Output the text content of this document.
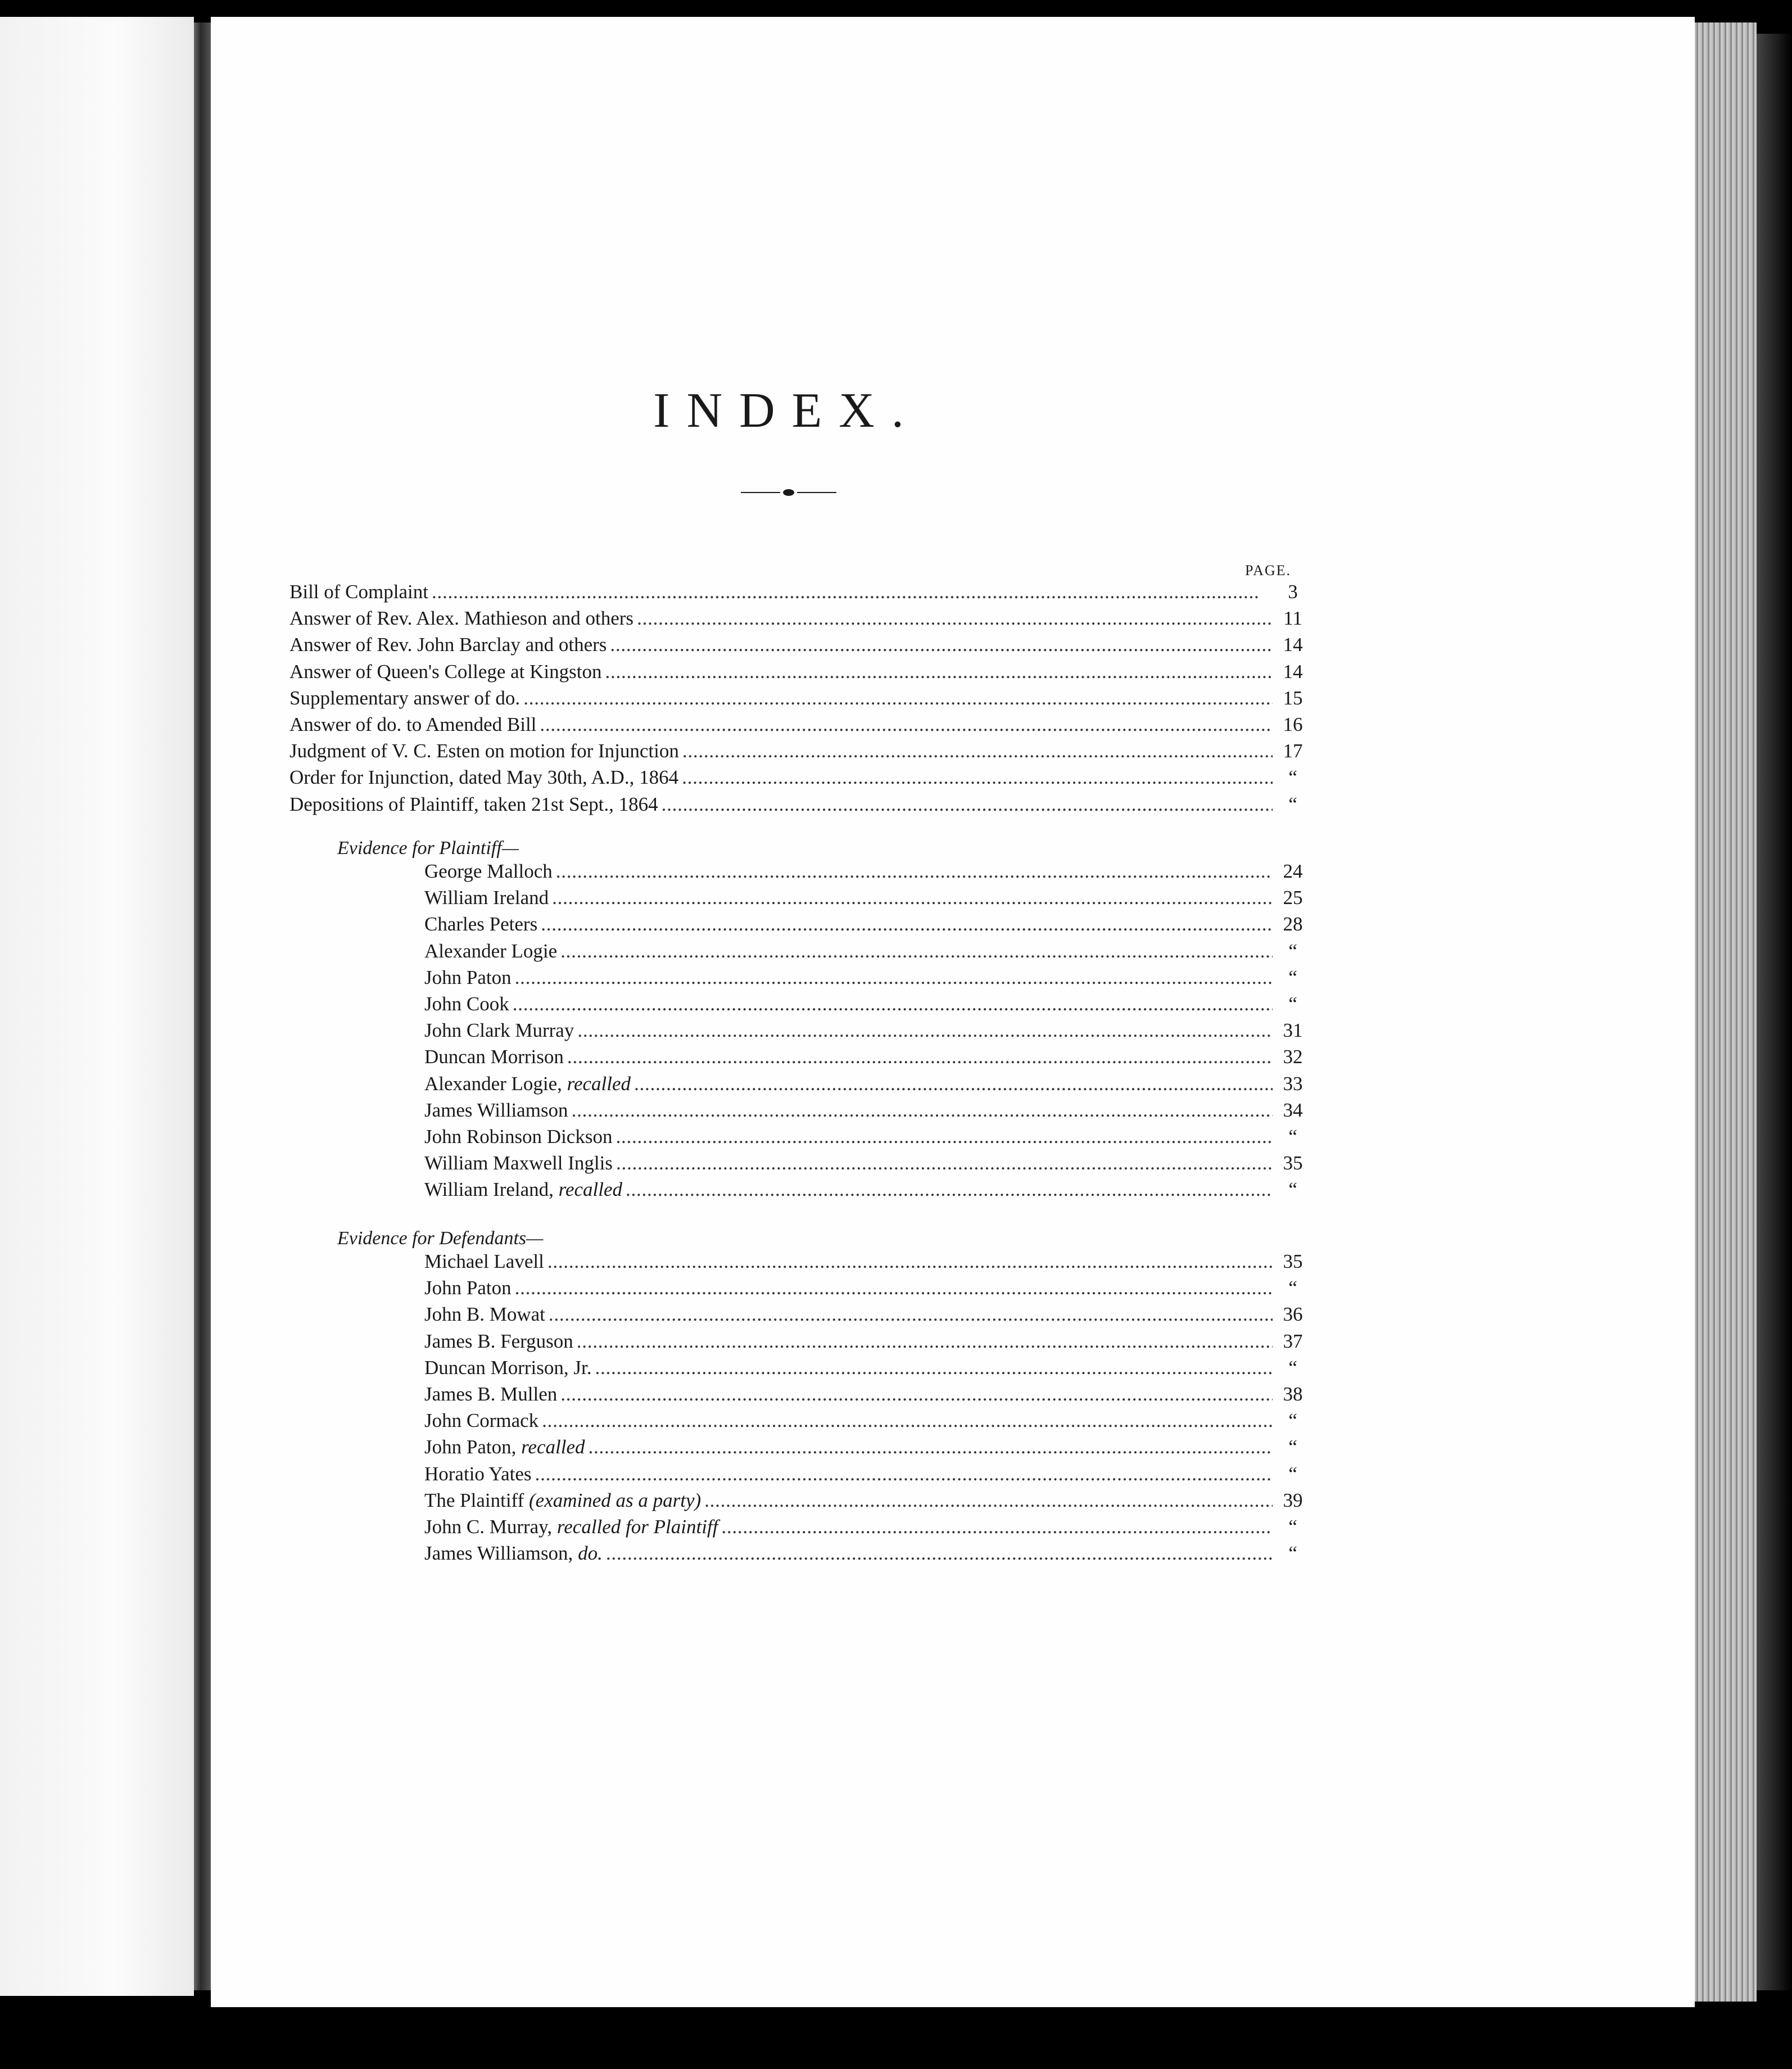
INDEX.
PAGE.
Bill of Complaint . . .	3
Answer of Rev. Alex. Mathieson and others . . .	11
Answer of Rev. John Barclay and others . . .	14
Answer of Queen's College at Kingston . . .	14
Supplementary answer of do. . . .	15
Answer of do. to Amended Bill . . .	16
Judgment of V. C. Esten on motion for Injunction . . .	17
Order for Injunction, dated May 30th, A.D., 1864 . . .	“
Depositions of Plaintiff, taken 21st Sept., 1864 . . .	“
Evidence for Plaintiff—
George Malloch . . .	24
William Ireland . . .	25
Charles Peters . . .	28
Alexander Logie . . .	“
John Paton . . .	“
John Cook . . .	“
John Clark Murray . . .	31
Duncan Morrison . . .	32
Alexander Logie, recalled . . .	33
James Williamson . . .	34
John Robinson Dickson . . .	“
William Maxwell Inglis . . .	35
William Ireland, recalled . . .	“
Evidence for Defendants—
Michael Lavell . . .	35
John Paton . . .	“
John B. Mowat . . .	36
James B. Ferguson . . .	37
Duncan Morrison, Jr. . . .	“
James B. Mullen . . .	38
John Cormack . . .	“
John Paton, recalled . . .	“
Horatio Yates . . .	“
The Plaintiff (examined as a party) . . .	39
John C. Murray, recalled for Plaintiff . . .	“
James Williamson, do. . . .	“
